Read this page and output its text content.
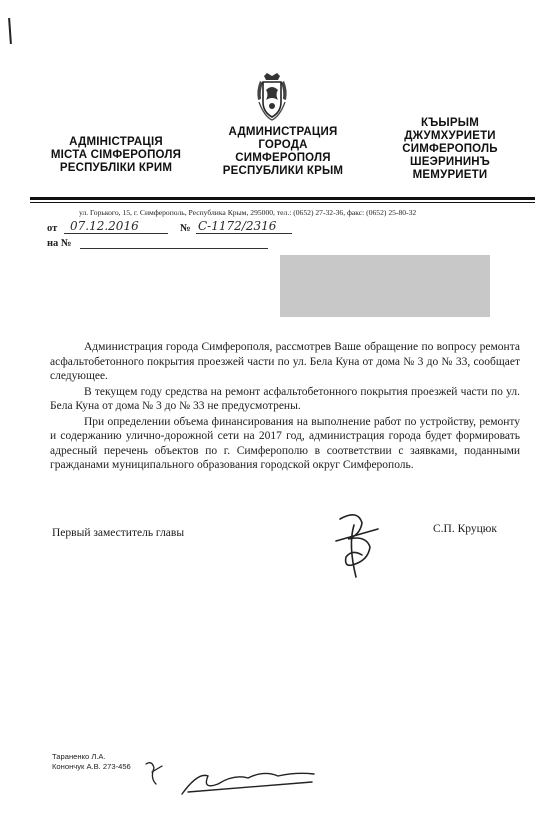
АДМІНІСТРАЦІЯ
МІСТА СІМФЕРОПОЛЯ
РЕСПУБЛІКИ КРИМ
АДМИНИСТРАЦИЯ
ГОРОДА
СИМФЕРОПОЛЯ
РЕСПУБЛИКИ КРЫМ
КЪЫРЫМ
ДЖУМХУРИЕТИ
СИМФЕРОПОЛЬ
ШЕЭРИНИНЪ
МЕМУРИЕТИ
ул. Горького, 15, г. Симферополь, Республика Крым, 295000, тел.: (0652) 27-32-36, факс: (0652) 25-80-32
от 07.12.2016	№ С-1172/2316
на №

Администрация города Симферополя, рассмотрев Ваше обращение по вопросу ремонта асфальтобетонного покрытия проезжей части по ул. Бела Куна от дома № 3 до № 33, сообщает следующее.

В текущем году средства на ремонт асфальтобетонного покрытия проезжей части по ул. Бела Куна от дома № 3 до № 33 не предусмотрены.

При определении объема финансирования на выполнение работ по устройству, ремонту и содержанию улично-дорожной сети на 2017 год, администрация города будет формировать адресный перечень объектов по г. Симферополю в соответствии с заявками, поданными гражданами муниципального образования городской округ Симферополь.

Первый заместитель главы	С.П. Круцюк
Тараненко Л.А.
Конончук А.В. 273-456
